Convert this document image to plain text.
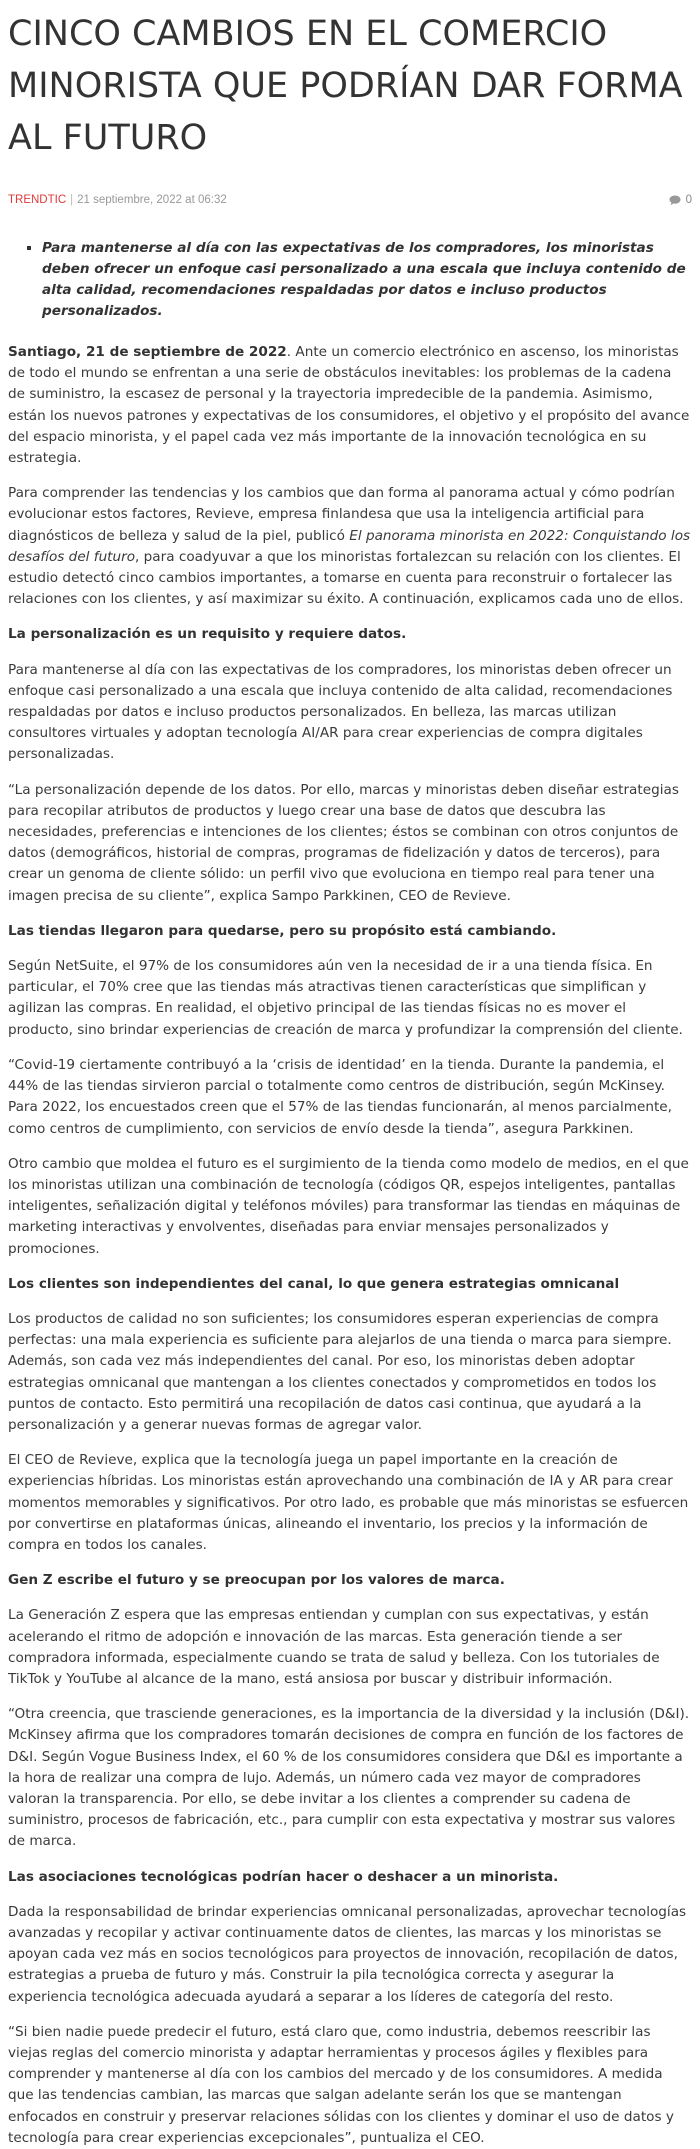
CINCO CAMBIOS EN EL COMERCIO MINORISTA QUE PODRÍAN DAR FORMA AL FUTURO
TRENDTIC | 21 septiembre, 2022 at 06:32	0
▪ Para mantenerse al día con las expectativas de los compradores, los minoristas deben ofrecer un enfoque casi personalizado a una escala que incluya contenido de alta calidad, recomendaciones respaldadas por datos e incluso productos personalizados.

Santiago, 21 de septiembre de 2022. Ante un comercio electrónico en ascenso, los minoristas de todo el mundo se enfrentan a una serie de obstáculos inevitables: los problemas de la cadena de suministro, la escasez de personal y la trayectoria impredecible de la pandemia. Asimismo, están los nuevos patrones y expectativas de los consumidores, el objetivo y el propósito del avance del espacio minorista, y el papel cada vez más importante de la innovación tecnológica en su estrategia.

Para comprender las tendencias y los cambios que dan forma al panorama actual y cómo podrían evolucionar estos factores, Revieve, empresa finlandesa que usa la inteligencia artificial para diagnósticos de belleza y salud de la piel, publicó El panorama minorista en 2022: Conquistando los desafíos del futuro, para coadyuvar a que los minoristas fortalezcan su relación con los clientes. El estudio detectó cinco cambios importantes, a tomarse en cuenta para reconstruir o fortalecer las relaciones con los clientes, y así maximizar su éxito. A continuación, explicamos cada uno de ellos.

La personalización es un requisito y requiere datos.

Para mantenerse al día con las expectativas de los compradores, los minoristas deben ofrecer un enfoque casi personalizado a una escala que incluya contenido de alta calidad, recomendaciones respaldadas por datos e incluso productos personalizados. En belleza, las marcas utilizan consultores virtuales y adoptan tecnología AI/AR para crear experiencias de compra digitales personalizadas.

“La personalización depende de los datos. Por ello, marcas y minoristas deben diseñar estrategias para recopilar atributos de productos y luego crear una base de datos que descubra las necesidades, preferencias e intenciones de los clientes; éstos se combinan con otros conjuntos de datos (demográficos, historial de compras, programas de fidelización y datos de terceros), para crear un genoma de cliente sólido: un perfil vivo que evoluciona en tiempo real para tener una imagen precisa de su cliente”, explica Sampo Parkkinen, CEO de Revieve.

Las tiendas llegaron para quedarse, pero su propósito está cambiando.

Según NetSuite, el 97% de los consumidores aún ven la necesidad de ir a una tienda física. En particular, el 70% cree que las tiendas más atractivas tienen características que simplifican y agilizan las compras. En realidad, el objetivo principal de las tiendas físicas no es mover el producto, sino brindar experiencias de creación de marca y profundizar la comprensión del cliente.

“Covid-19 ciertamente contribuyó a la ‘crisis de identidad’ en la tienda. Durante la pandemia, el 44% de las tiendas sirvieron parcial o totalmente como centros de distribución, según McKinsey. Para 2022, los encuestados creen que el 57% de las tiendas funcionarán, al menos parcialmente, como centros de cumplimiento, con servicios de envío desde la tienda”, asegura Parkkinen.

Otro cambio que moldea el futuro es el surgimiento de la tienda como modelo de medios, en el que los minoristas utilizan una combinación de tecnología (códigos QR, espejos inteligentes, pantallas inteligentes, señalización digital y teléfonos móviles) para transformar las tiendas en máquinas de marketing interactivas y envolventes, diseñadas para enviar mensajes personalizados y promociones.

Los clientes son independientes del canal, lo que genera estrategias omnicanal

Los productos de calidad no son suficientes; los consumidores esperan experiencias de compra perfectas: una mala experiencia es suficiente para alejarlos de una tienda o marca para siempre. Además, son cada vez más independientes del canal. Por eso, los minoristas deben adoptar estrategias omnicanal que mantengan a los clientes conectados y comprometidos en todos los puntos de contacto. Esto permitirá una recopilación de datos casi continua, que ayudará a la personalización y a generar nuevas formas de agregar valor.

El CEO de Revieve, explica que la tecnología juega un papel importante en la creación de experiencias híbridas. Los minoristas están aprovechando una combinación de IA y AR para crear momentos memorables y significativos. Por otro lado, es probable que más minoristas se esfuercen por convertirse en plataformas únicas, alineando el inventario, los precios y la información de compra en todos los canales.

Gen Z escribe el futuro y se preocupan por los valores de marca.

La Generación Z espera que las empresas entiendan y cumplan con sus expectativas, y están acelerando el ritmo de adopción e innovación de las marcas. Esta generación tiende a ser compradora informada, especialmente cuando se trata de salud y belleza. Con los tutoriales de TikTok y YouTube al alcance de la mano, está ansiosa por buscar y distribuir información.

“Otra creencia, que trasciende generaciones, es la importancia de la diversidad y la inclusión (D&I). McKinsey afirma que los compradores tomarán decisiones de compra en función de los factores de D&I. Según Vogue Business Index, el 60 % de los consumidores considera que D&I es importante a la hora de realizar una compra de lujo. Además, un número cada vez mayor de compradores valoran la transparencia. Por ello, se debe invitar a los clientes a comprender su cadena de suministro, procesos de fabricación, etc., para cumplir con esta expectativa y mostrar sus valores de marca.

Las asociaciones tecnológicas podrían hacer o deshacer a un minorista.

Dada la responsabilidad de brindar experiencias omnicanal personalizadas, aprovechar tecnologías avanzadas y recopilar y activar continuamente datos de clientes, las marcas y los minoristas se apoyan cada vez más en socios tecnológicos para proyectos de innovación, recopilación de datos, estrategias a prueba de futuro y más. Construir la pila tecnológica correcta y asegurar la experiencia tecnológica adecuada ayudará a separar a los líderes de categoría del resto.

“Si bien nadie puede predecir el futuro, está claro que, como industria, debemos reescribir las viejas reglas del comercio minorista y adaptar herramientas y procesos ágiles y flexibles para comprender y mantenerse al día con los cambios del mercado y de los consumidores. A medida que las tendencias cambian, las marcas que salgan adelante serán los que se mantengan enfocados en construir y preservar relaciones sólidas con los clientes y dominar el uso de datos y tecnología para crear experiencias excepcionales”, puntualiza el CEO.
